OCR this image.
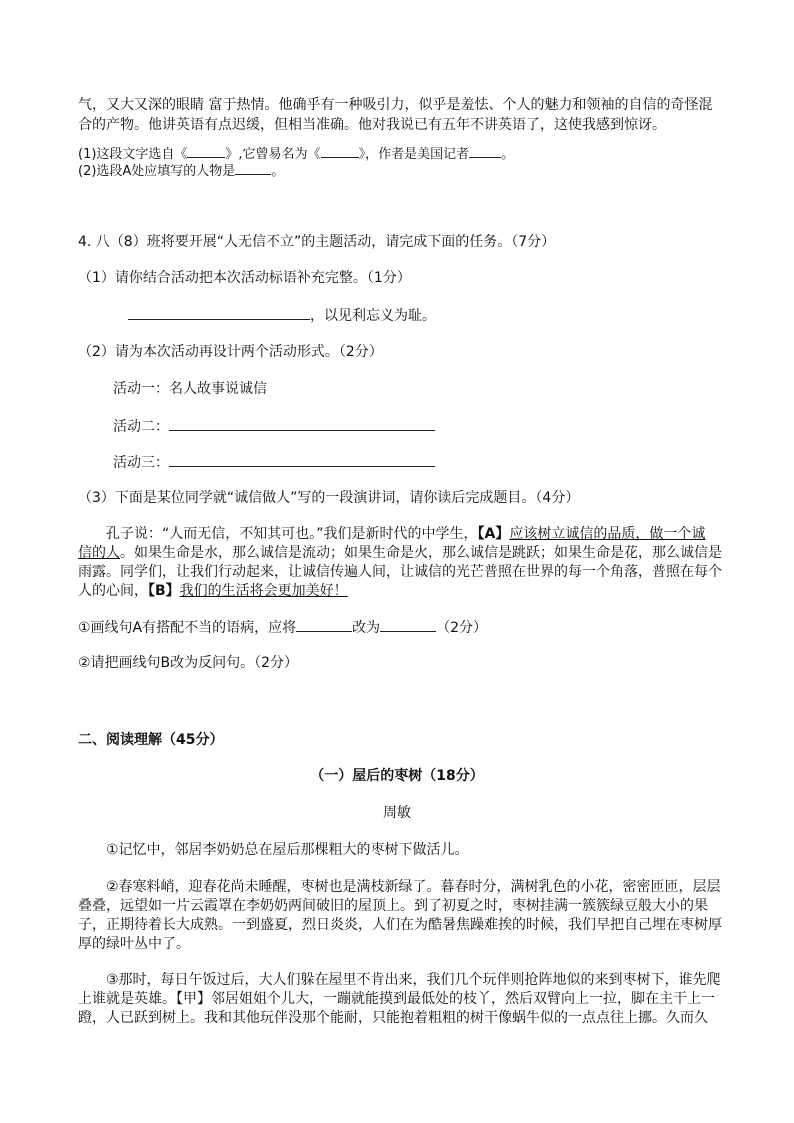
气，又大又深的眼睛 富于热情。他确乎有一种吸引力，似乎是羞怯、个人的魅力和领袖的自信的奇怪混
合的产物。他讲英语有点迟缓，但相当准确。他对我说已有五年不讲英语了，这使我感到惊讶。
(1)这段文字选自《	》,它曾易名为《	》，作者是美国记者 。
(2)选段A处应填写的人物是	。
4. 八（8）班将要开展“人无信不立”的主题活动，请完成下面的任务。（7分）
（1）请你结合活动把本次活动标语补充完整。（1分）
，以见利忘义为耻。
（2）请为本次活动再设计两个活动形式。（2分）
活动一：名人故事说诚信
活动二：
活动三：
（3）下面是某位同学就“诚信做人”写的一段演讲词，请你读后完成题目。（4分）
孔子说：“人而无信，不知其可也。”我们是新时代的中学生，【A】应该树立诚信的品质，做一个诚
信的人。如果生命是水，那么诚信是流动；如果生命是火，那么诚信是跳跃；如果生命是花，那么诚信是
雨露。同学们，让我们行动起来，让诚信传遍人间，让诚信的光芒普照在世界的每一个角落，普照在每个
人的心间，【B】我们的生活将会更加美好！
①画线句A有搭配不当的语病，应将	改为	（2分）
②请把画线句B改为反问句。（2分）
二、阅读理解（45分）
（一）屋后的枣树（18分）
周敏
①记忆中，邻居李奶奶总在屋后那棵粗大的枣树下做活儿。
②春寒料峭，迎春花尚未睡醒，枣树也是满枝新绿了。暮春时分，满树乳色的小花，密密匝匝，层层
叠叠，远望如一片云霞罩在李奶奶两间破旧的屋顶上。到了初夏之时，枣树挂满一簇簇绿豆般大小的果
子，正期待着长大成熟。一到盛夏，烈日炎炎，人们在为酷暑焦躁难挨的时候，我们早把自己埋在枣树厚
厚的绿叶丛中了。
③那时，每日午饭过后，大人们躲在屋里不肯出来，我们几个玩伴则抢阵地似的来到枣树下，谁先爬
上谁就是英雄。【甲】邻居姐姐个儿大，一蹦就能摸到最低处的枝丫，然后双臂向上一拉，脚在主干上一
蹬，人已跃到树上。我和其他玩伴没那个能耐，只能抱着粗粗的树干像蜗牛似的一点点往上挪。久而久
